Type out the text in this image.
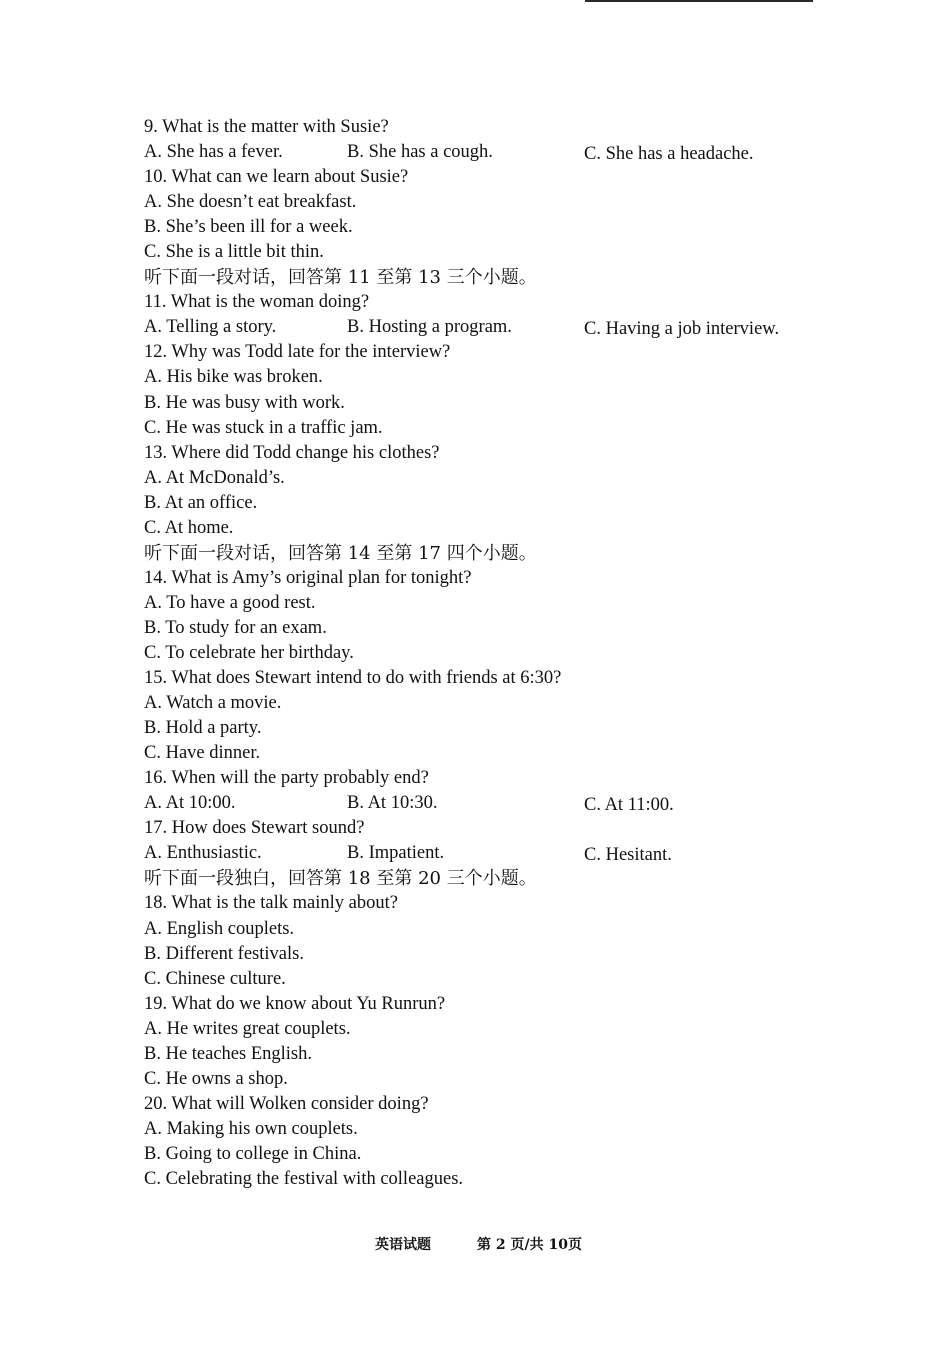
9. What is the matter with Susie?
A. She has a fever.	B. She has a cough.	C. She has a headache.
10. What can we learn about Susie?
A. She doesn’t eat breakfast.
B. She’s been ill for a week.
C. She is a little bit thin.
听下面一段对话，回答第 11 至第 13 三个小题。
11. What is the woman doing?
A. Telling a story.	B. Hosting a program.	C. Having a job interview.
12. Why was Todd late for the interview?
A. His bike was broken.
B. He was busy with work.
C. He was stuck in a traffic jam.
13. Where did Todd change his clothes?
A. At McDonald’s.
B. At an office.
C. At home.
听下面一段对话，回答第 14 至第 17 四个小题。
14. What is Amy’s original plan for tonight?
A. To have a good rest.
B. To study for an exam.
C. To celebrate her birthday.
15. What does Stewart intend to do with friends at 6:30?
A. Watch a movie.
B. Hold a party.
C. Have dinner.
16. When will the party probably end?
A. At 10:00.	B. At 10:30.	C. At 11:00.
17. How does Stewart sound?
A. Enthusiastic.	B. Impatient.	C. Hesitant.
听下面一段独白，回答第 18 至第 20 三个小题。
18. What is the talk mainly about?
A. English couplets.
B. Different festivals.
C. Chinese culture.
19. What do we know about Yu Runrun?
A. He writes great couplets.
B. He teaches English.
C. He owns a shop.
20. What will Wolken consider doing?
A. Making his own couplets.
B. Going to college in China.
C. Celebrating the festival with colleagues.
英语试题	第 2 页/共 10页
